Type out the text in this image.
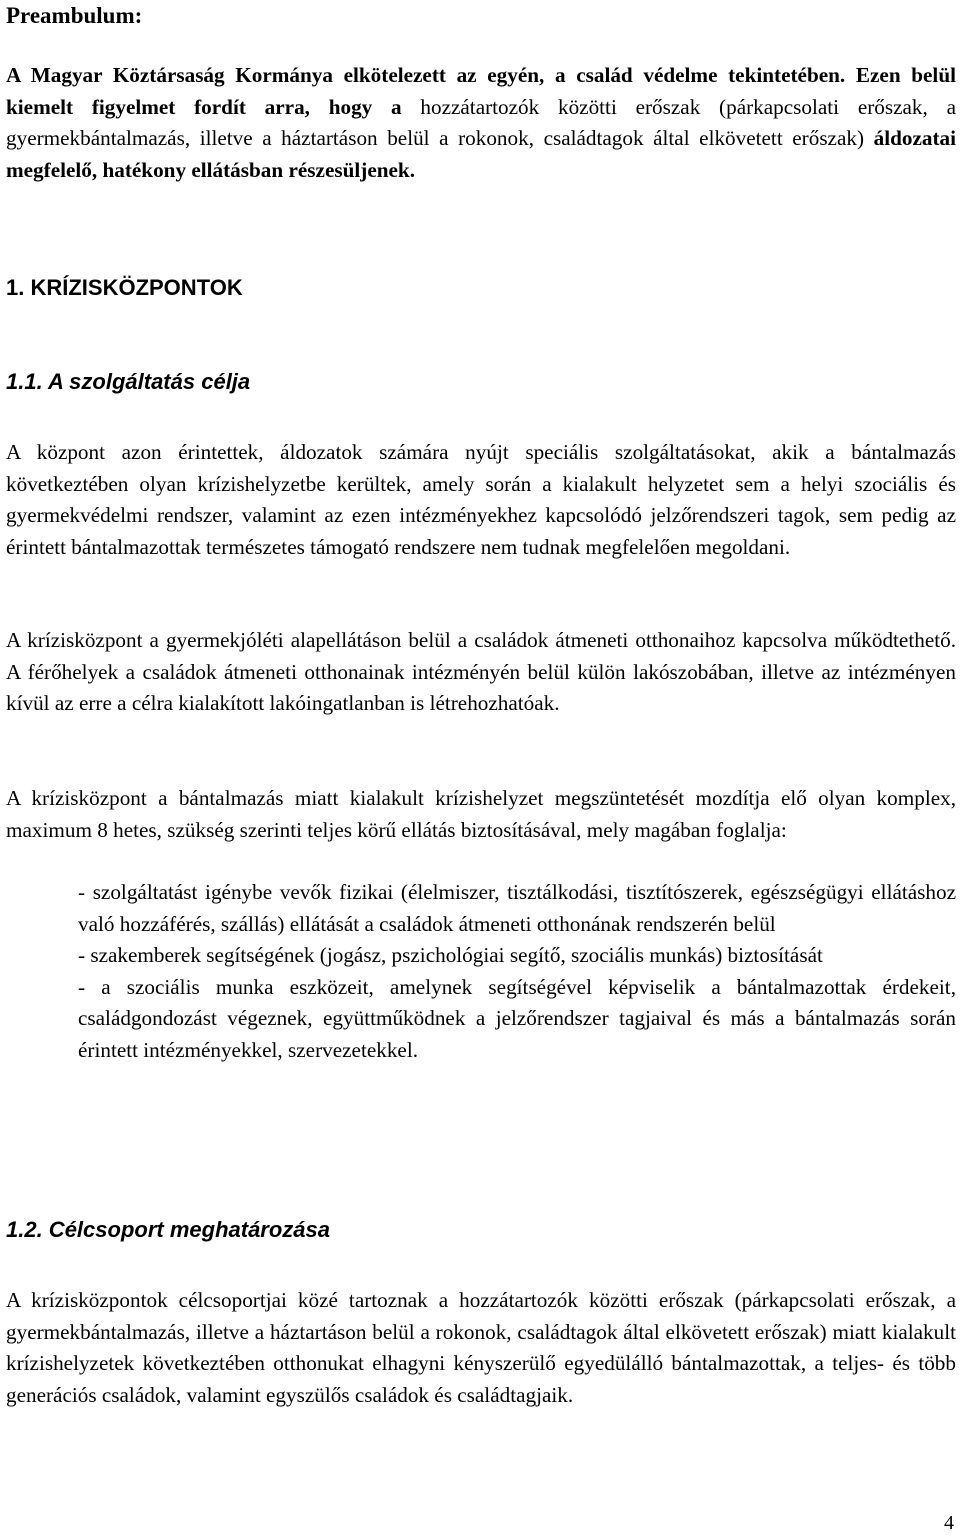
Preambulum:

A Magyar Köztársaság Kormánya elkötelezett az egyén, a család védelme tekintetében. Ezen belül kiemelt figyelmet fordít arra, hogy a hozzátartozók közötti erőszak (párkapcsolati erőszak, a gyermekbántalmazás, illetve a háztartáson belül a rokonok, családtagok által elkövetett erőszak) áldozatai megfelelő, hatékony ellátásban részesüljenek.

1. KRÍZISKÖZPONTOK
1.1. A szolgáltatás célja

A központ azon érintettek, áldozatok számára nyújt speciális szolgáltatásokat, akik a bántalmazás következtében olyan krízishelyzetbe kerültek, amely során a kialakult helyzetet sem a helyi szociális és gyermekvédelmi rendszer, valamint az ezen intézményekhez kapcsolódó jelzőrendszeri tagok, sem pedig az érintett bántalmazottak természetes támogató rendszere nem tudnak megfelelően megoldani.

A krízisközpont a gyermekjóléti alapellátáson belül a családok átmeneti otthonaihoz kapcsolva működtethető. A férőhelyek a családok átmeneti otthonainak intézményén belül külön lakószobában, illetve az intézményen kívül az erre a célra kialakított lakóingatlanban is létrehozhatóak.

A krízisközpont a bántalmazás miatt kialakult krízishelyzet megszüntetését mozdítja elő olyan komplex, maximum 8 hetes, szükség szerinti teljes körű ellátás biztosításával, mely magában foglalja:

- szolgáltatást igénybe vevők fizikai (élelmiszer, tisztálkodási, tisztítószerek, egészségügyi ellátáshoz való hozzáférés, szállás) ellátását a családok átmeneti otthonának rendszerén belül

- szakemberek segítségének (jogász, pszichológiai segítő, szociális munkás) biztosítását

- a szociális munka eszközeit, amelynek segítségével képviselik a bántalmazottak érdekeit, családgondozást végeznek, együttműködnek a jelzőrendszer tagjaival és más a bántalmazás során érintett intézményekkel, szervezetekkel.

1.2. Célcsoport meghatározása

A krízisközpontok célcsoportjai közé tartoznak a hozzátartozók közötti erőszak (párkapcsolati erőszak, a gyermekbántalmazás, illetve a háztartáson belül a rokonok, családtagok által elkövetett erőszak) miatt kialakult krízishelyzetek következtében otthonukat elhagyni kényszerülő egyedülálló bántalmazottak, a teljes- és több generációs családok, valamint egyszülős családok és családtagjaik.

4
